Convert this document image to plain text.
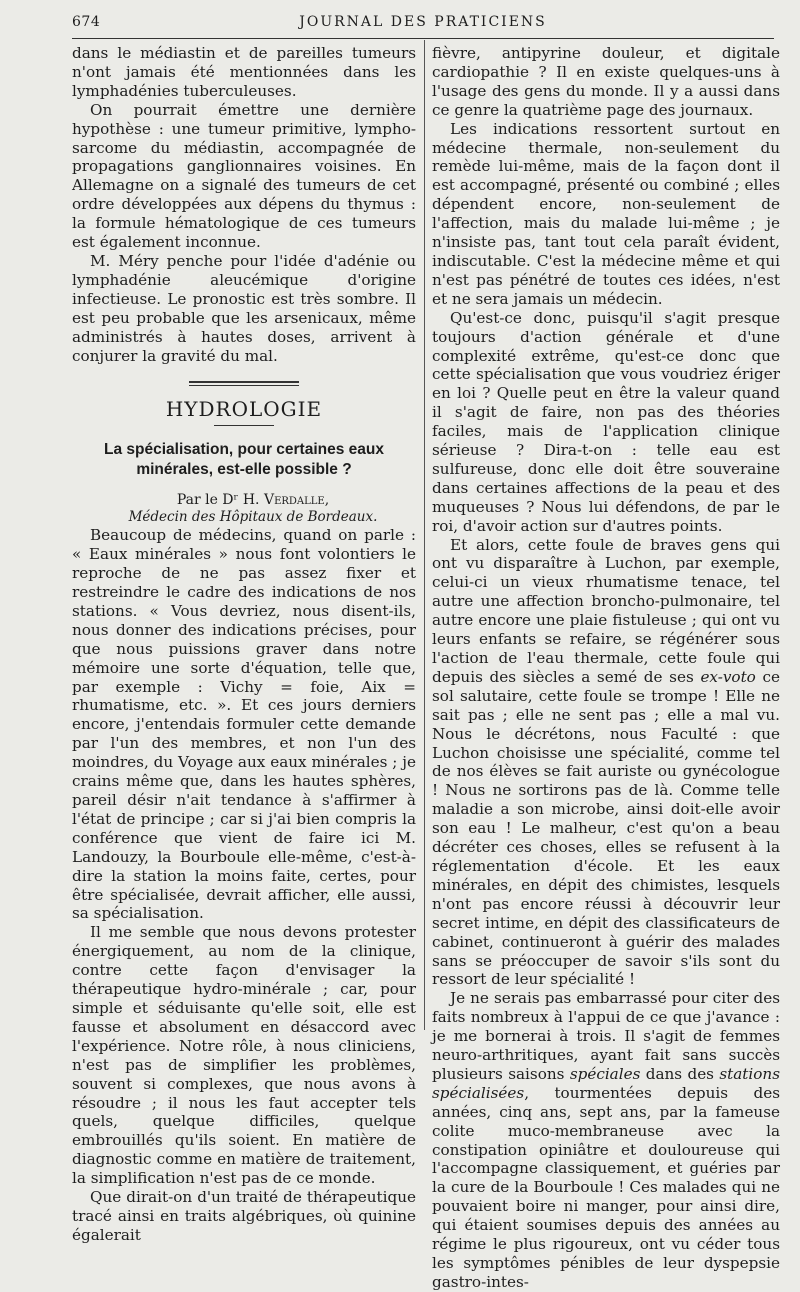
674	JOURNAL DES PRATICIENS

dans le médiastin et de pareilles tumeurs n'ont jamais été mentionnées dans les lymphadénies tuberculeuses.

On pourrait émettre une dernière hypothèse : une tumeur primitive, lympho-sarcome du médiastin, accompagnée de propagations ganglionnaires voisines. En Allemagne on a signalé des tumeurs de cet ordre développées aux dépens du thymus : la formule hématologique de ces tumeurs est également inconnue.

M. Méry penche pour l'idée d'adénie ou lymphadénie aleucémique d'origine infectieuse. Le pronostic est très sombre. Il est peu probable que les arsenicaux, même administrés à hautes doses, arrivent à conjurer la gravité du mal.

HYDROLOGIE
La spécialisation, pour certaines eaux minérales, est-elle possible ?

Par le Dʳ H. Verdalle,

Médecin des Hôpitaux de Bordeaux.

Beaucoup de médecins, quand on parle : « Eaux minérales » nous font volontiers le reproche de ne pas assez fixer et restreindre le cadre des indications de nos stations. « Vous devriez, nous disent-ils, nous donner des indications précises, pour que nous puissions graver dans notre mémoire une sorte d'équation, telle que, par exemple : Vichy = foie, Aix = rhumatisme, etc. ». Et ces jours derniers encore, j'entendais formuler cette demande par l'un des membres, et non l'un des moindres, du Voyage aux eaux minérales ; je crains même que, dans les hautes sphères, pareil désir n'ait tendance à s'affirmer à l'état de principe ; car si j'ai bien compris la conférence que vient de faire ici M. Landouzy, la Bourboule elle-même, c'est-à-dire la station la moins faite, certes, pour être spécialisée, devrait afficher, elle aussi, sa spécialisation.

Il me semble que nous devons protester énergiquement, au nom de la clinique, contre cette façon d'envisager la thérapeutique hydro-minérale ; car, pour simple et séduisante qu'elle soit, elle est fausse et absolument en désaccord avec l'expérience. Notre rôle, à nous cliniciens, n'est pas de simplifier les problèmes, souvent si complexes, que nous avons à résoudre ; il nous les faut accepter tels quels, quelque difficiles, quelque embrouillés qu'ils soient. En matière de diagnostic comme en matière de traitement, la simplification n'est pas de ce monde.

Que dirait-on d'un traité de thérapeutique tracé ainsi en traits algébriques, où quinine égalerait

fièvre, antipyrine douleur, et digitale cardiopathie ? Il en existe quelques-uns à l'usage des gens du monde. Il y a aussi dans ce genre la quatrième page des journaux.

Les indications ressortent surtout en médecine thermale, non-seulement du remède lui-même, mais de la façon dont il est accompagné, présenté ou combiné ; elles dépendent encore, non-seulement de l'affection, mais du malade lui-même ; je n'insiste pas, tant tout cela paraît évident, indiscutable. C'est la médecine même et qui n'est pas pénétré de toutes ces idées, n'est et ne sera jamais un médecin.

Qu'est-ce donc, puisqu'il s'agit presque toujours d'action générale et d'une complexité extrême, qu'est-ce donc que cette spécialisation que vous voudriez ériger en loi ? Quelle peut en être la valeur quand il s'agit de faire, non pas des théories faciles, mais de l'application clinique sérieuse ? Dira-t-on : telle eau est sulfureuse, donc elle doit être souveraine dans certaines affections de la peau et des muqueuses ? Nous lui défendons, de par le roi, d'avoir action sur d'autres points.

Et alors, cette foule de braves gens qui ont vu disparaître à Luchon, par exemple, celui-ci un vieux rhumatisme tenace, tel autre une affection broncho-pulmonaire, tel autre encore une plaie fistuleuse ; qui ont vu leurs enfants se refaire, se régénérer sous l'action de l'eau thermale, cette foule qui depuis des siècles a semé de ses ex-voto ce sol salutaire, cette foule se trompe ! Elle ne sait pas ; elle ne sent pas ; elle a mal vu. Nous le décrétons, nous Faculté : que Luchon choisisse une spécialité, comme tel de nos élèves se fait auriste ou gynécologue ! Nous ne sortirons pas de là. Comme telle maladie a son microbe, ainsi doit-elle avoir son eau ! Le malheur, c'est qu'on a beau décréter ces choses, elles se refusent à la réglementation d'école. Et les eaux minérales, en dépit des chimistes, lesquels n'ont pas encore réussi à découvrir leur secret intime, en dépit des classificateurs de cabinet, continueront à guérir des malades sans se préoccuper de savoir s'ils sont du ressort de leur spécialité !

Je ne serais pas embarrassé pour citer des faits nombreux à l'appui de ce que j'avance : je me bornerai à trois. Il s'agit de femmes neuro-arthritiques, ayant fait sans succès plusieurs saisons spéciales dans des stations spécialisées, tourmentées depuis des années, cinq ans, sept ans, par la fameuse colite muco-membraneuse avec la constipation opiniâtre et douloureuse qui l'accompagne classiquement, et guéries par la cure de la Bourboule ! Ces malades qui ne pouvaient boire ni manger, pour ainsi dire, qui étaient soumises depuis des années au régime le plus rigoureux, ont vu céder tous les symptômes pénibles de leur dyspepsie gastro-intes-
